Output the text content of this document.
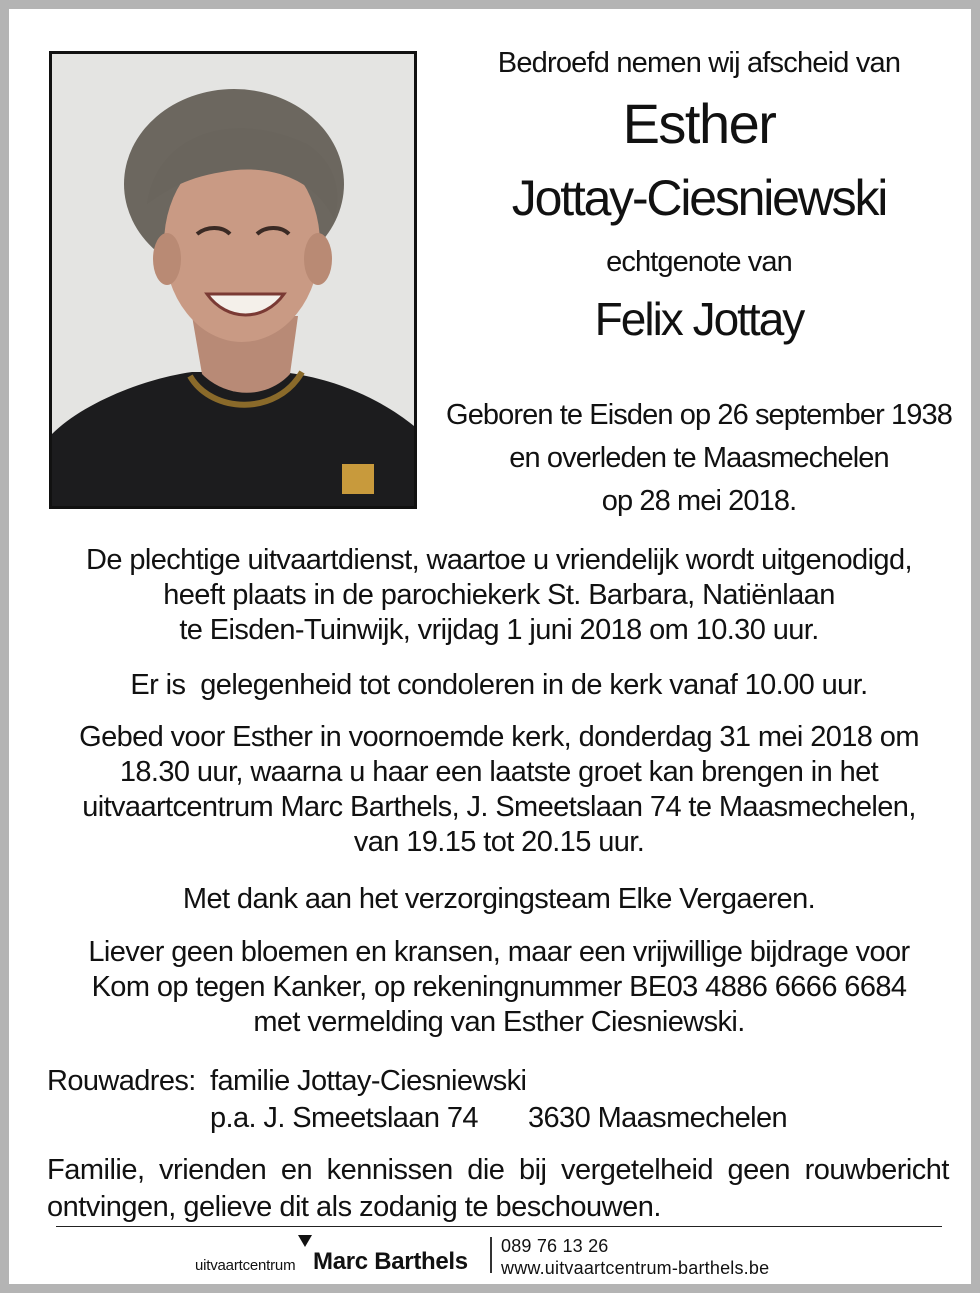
Bedroefd nemen wij afscheid van
Esther
Jottay-Ciesniewski
echtgenote van
Felix Jottay
Geboren te Eisden op 26 september 1938
en overleden te Maasmechelen
op 28 mei 2018.
De plechtige uitvaartdienst, waartoe u vriendelijk wordt uitgenodigd,
heeft plaats in de parochiekerk St. Barbara, Natiënlaan
te Eisden-Tuinwijk, vrijdag 1 juni 2018 om 10.30 uur.
Er is  gelegenheid tot condoleren in de kerk vanaf 10.00 uur.
Gebed voor Esther in voornoemde kerk, donderdag 31 mei 2018 om
18.30 uur, waarna u haar een laatste groet kan brengen in het
uitvaartcentrum Marc Barthels, J. Smeetslaan 74 te Maasmechelen,
van 19.15 tot 20.15 uur.
Met dank aan het verzorgingsteam Elke Vergaeren.
Liever geen bloemen en kransen, maar een vrijwillige bijdrage voor
Kom op tegen Kanker, op rekeningnummer BE03 4886 6666 6684
met vermelding van Esther Ciesniewski.
Rouwadres: familie Jottay-Ciesniewski
p.a. J. Smeetslaan 74 3630 Maasmechelen
Familie, vrienden en kennissen die bij vergetelheid geen rouwbericht
ontvingen, gelieve dit als zodanig te beschouwen.
uitvaartcentrum Marc Barthels
089 76 13 26
www.uitvaartcentrum-barthels.be
